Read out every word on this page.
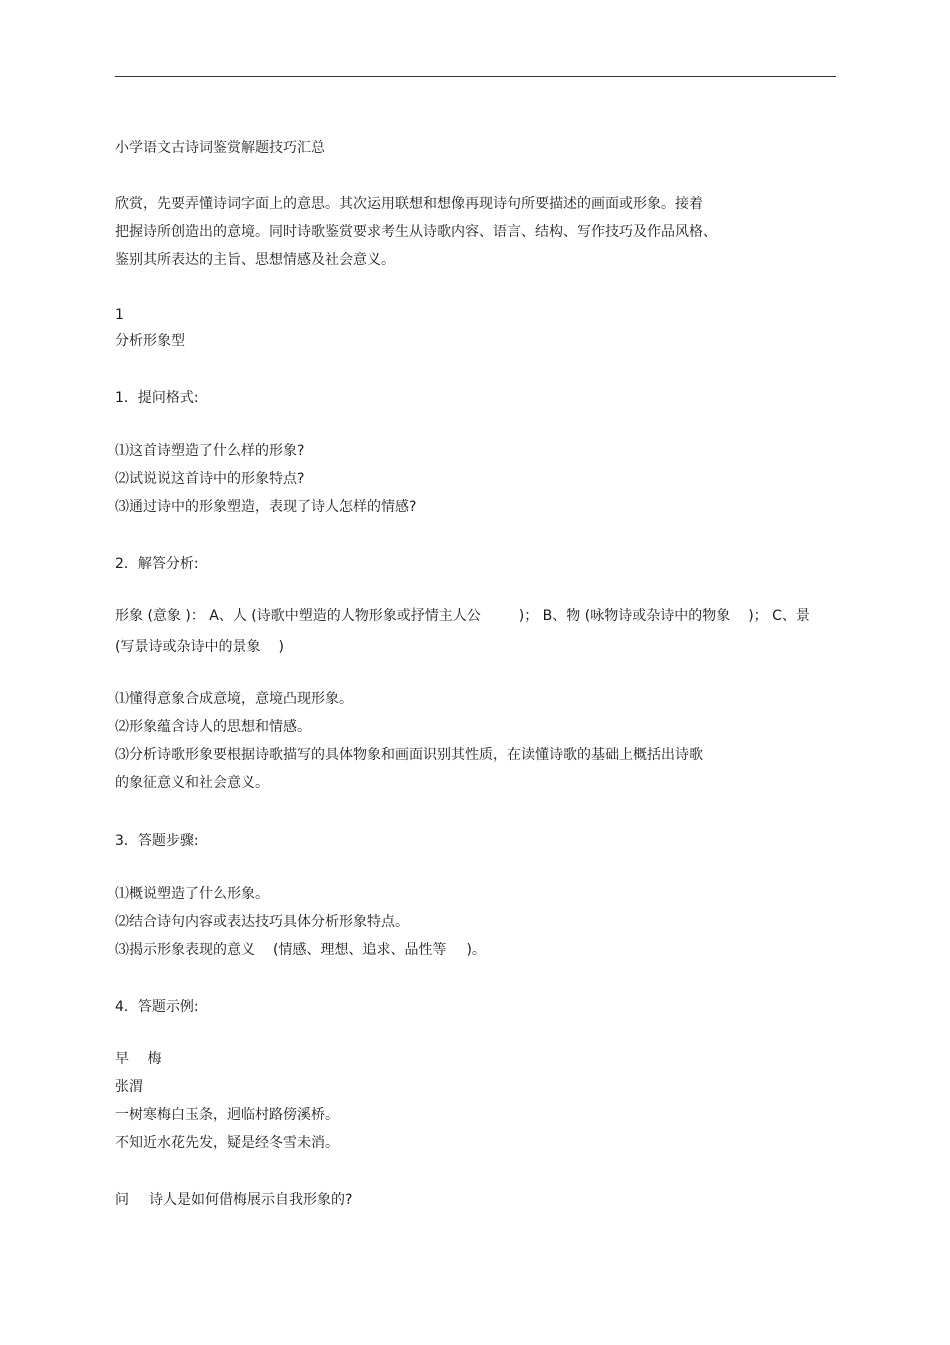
小学语文古诗词鉴赏解题技巧汇总
欣赏，先要弄懂诗词字面上的意思。其次运用联想和想像再现诗句所要描述的画面或形象。接着
把握诗所创造出的意境。同时诗歌鉴赏要求考生从诗歌内容、语言、结构、写作技巧及作品风格、
鉴别其所表达的主旨、思想情感及社会意义。
1
分析形象型
1．提问格式:
⑴这首诗塑造了什么样的形象?
⑵试说说这首诗中的形象特点?
⑶通过诗中的形象塑造，表现了诗人怎样的情感?
2．解答分析:
形象 (意象 )： A、人 (诗歌中塑造的人物形象或抒情主人公	)； B、物 (咏物诗或杂诗中的物象 )； C、景
(写景诗或杂诗中的景象 )
⑴懂得意象合成意境，意境凸现形象。
⑵形象蕴含诗人的思想和情感。
⑶分析诗歌形象要根据诗歌描写的具体物象和画面识别其性质，在读懂诗歌的基础上概括出诗歌
的象征意义和社会意义。
3．答题步骤:
⑴概说塑造了什么形象。
⑵结合诗句内容或表达技巧具体分析形象特点。
⑶揭示形象表现的意义 (情感、理想、追求、品性等 )。
4．答题示例:
早　 梅
张渭
一树寒梅白玉条，迥临村路傍溪桥。
不知近水花先发，疑是经冬雪未消。
问 诗人是如何借梅展示自我形象的?
